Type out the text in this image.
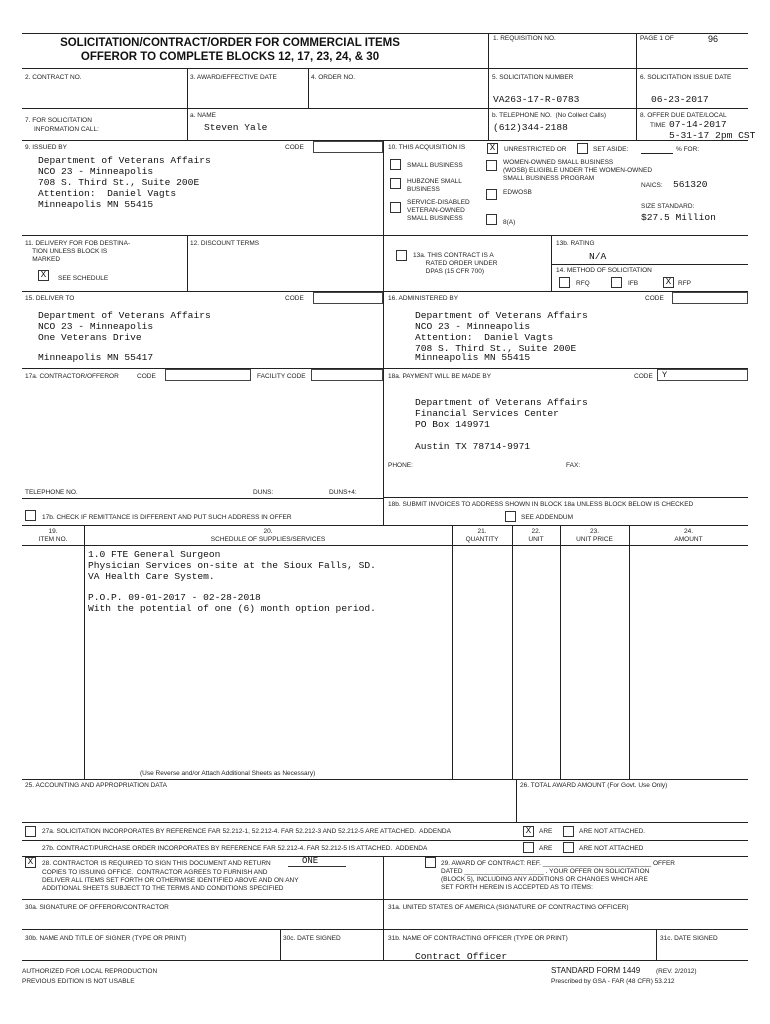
SOLICITATION/CONTRACT/ORDER FOR COMMERCIAL ITEMS
OFFEROR TO COMPLETE BLOCKS 12, 17, 23, 24, & 30
1. REQUISITION NO.	PAGE 1 OF	96
2. CONTRACT NO.	3. AWARD/EFFECTIVE DATE	4. ORDER NO.	5. SOLICITATION NUMBER
VA263-17-R-0783
6. SOLICITATION ISSUE DATE
06-23-2017
7. FOR SOLICITATION
INFORMATION CALL:
a. NAME
Steven Yale
b. TELEPHONE NO.  (No Collect Calls)
(612)344-2188
8. OFFER DUE DATE/LOCAL
TIME 07-14-2017
5-31-17 2pm CST
9. ISSUED BY	CODE
Department of Veterans Affairs
NCO 23 - Minneapolis
708 S. Third St., Suite 200E
Attention:  Daniel Vagts
Minneapolis MN 55415
10. THIS ACQUISITION IS	X	UNRESTRICTED OR	SET ASIDE:	% FOR:
SMALL BUSINESS
HUBZONE SMALL
BUSINESS
SERVICE-DISABLED
VETERAN-OWNED
SMALL BUSINESS
WOMEN-OWNED SMALL BUSINESS
(WOSB) ELIGIBLE UNDER THE WOMEN-OWNED
SMALL BUSINESS PROGRAM
EDWOSB
8(A)
NAICS: 561320
SIZE STANDARD:
$27.5 Million
11. DELIVERY FOR FOB DESTINA-
TION UNLESS BLOCK IS
MARKED
X	SEE SCHEDULE
12. DISCOUNT TERMS
13a. THIS CONTRACT IS A
RATED ORDER UNDER
DPAS (15 CFR 700)
13b. RATING
N/A
14. METHOD OF SOLICITATION
RFQ	IFB	X	RFP
15. DELIVER TO	CODE
Department of Veterans Affairs
NCO 23 - Minneapolis
One Veterans Drive
Minneapolis MN 55417
16. ADMINISTERED BY	CODE
Department of Veterans Affairs
NCO 23 - Minneapolis
Attention:  Daniel Vagts
708 S. Third St., Suite 200E
Minneapolis MN 55415
17a. CONTRACTOR/OFFEROR	CODE	FACILITY CODE
TELEPHONE NO.	DUNS:	DUNS+4:
17b. CHECK IF REMITTANCE IS DIFFERENT AND PUT SUCH ADDRESS IN OFFER
18a. PAYMENT WILL BE MADE BY	CODE	Y
Department of Veterans Affairs
Financial Services Center
PO Box 149971
Austin TX 78714-9971
PHONE:	FAX:
18b. SUBMIT INVOICES TO ADDRESS SHOWN IN BLOCK 18a UNLESS BLOCK BELOW IS CHECKED
SEE ADDENDUM
19.
ITEM NO.
20.
SCHEDULE OF SUPPLIES/SERVICES
21.
QUANTITY
22.
UNIT
23.
UNIT PRICE
24.
AMOUNT
1.0 FTE General Surgeon
Physician Services on-site at the Sioux Falls, SD.
VA Health Care System.
P.O.P. 09-01-2017 - 02-28-2018
With the potential of one (6) month option period.
(Use Reverse and/or Attach Additional Sheets as Necessary)
25. ACCOUNTING AND APPROPRIATION DATA	26. TOTAL AWARD AMOUNT (For Govt. Use Only)
27a. SOLICITATION INCORPORATES BY REFERENCE FAR 52.212-1, 52.212-4. FAR 52.212-3 AND 52.212-5 ARE ATTACHED.  ADDENDA	X	ARE	ARE NOT ATTACHED.
27b. CONTRACT/PURCHASE ORDER INCORPORATES BY REFERENCE FAR 52.212-4. FAR 52.212-5 IS ATTACHED.  ADDENDA	ARE	ARE NOT ATTACHED
X	28. CONTRACTOR IS REQUIRED TO SIGN THIS DOCUMENT AND RETURN	ONE
COPIES TO ISSUING OFFICE.  CONTRACTOR AGREES TO FURNISH AND
DELIVER ALL ITEMS SET FORTH OR OTHERWISE IDENTIFIED ABOVE AND ON ANY
ADDITIONAL SHEETS SUBJECT TO THE TERMS AND CONDITIONS SPECIFIED
29. AWARD OF CONTRACT: REF. ______________________________ OFFER
DATED ______________________ . YOUR OFFER ON SOLICITATION
(BLOCK 5), INCLUDING ANY ADDITIONS OR CHANGES WHICH ARE
SET FORTH HEREIN IS ACCEPTED AS TO ITEMS:
30a. SIGNATURE OF OFFEROR/CONTRACTOR	31a. UNITED STATES OF AMERICA (SIGNATURE OF CONTRACTING OFFICER)
30b. NAME AND TITLE OF SIGNER (TYPE OR PRINT)	30c. DATE SIGNED	31b. NAME OF CONTRACTING OFFICER (TYPE OR PRINT)	31c. DATE SIGNED
Contract Officer
AUTHORIZED FOR LOCAL REPRODUCTION
PREVIOUS EDITION IS NOT USABLE
STANDARD FORM 1449 (REV. 2/2012)
Prescribed by GSA - FAR (48 CFR) 53.212
